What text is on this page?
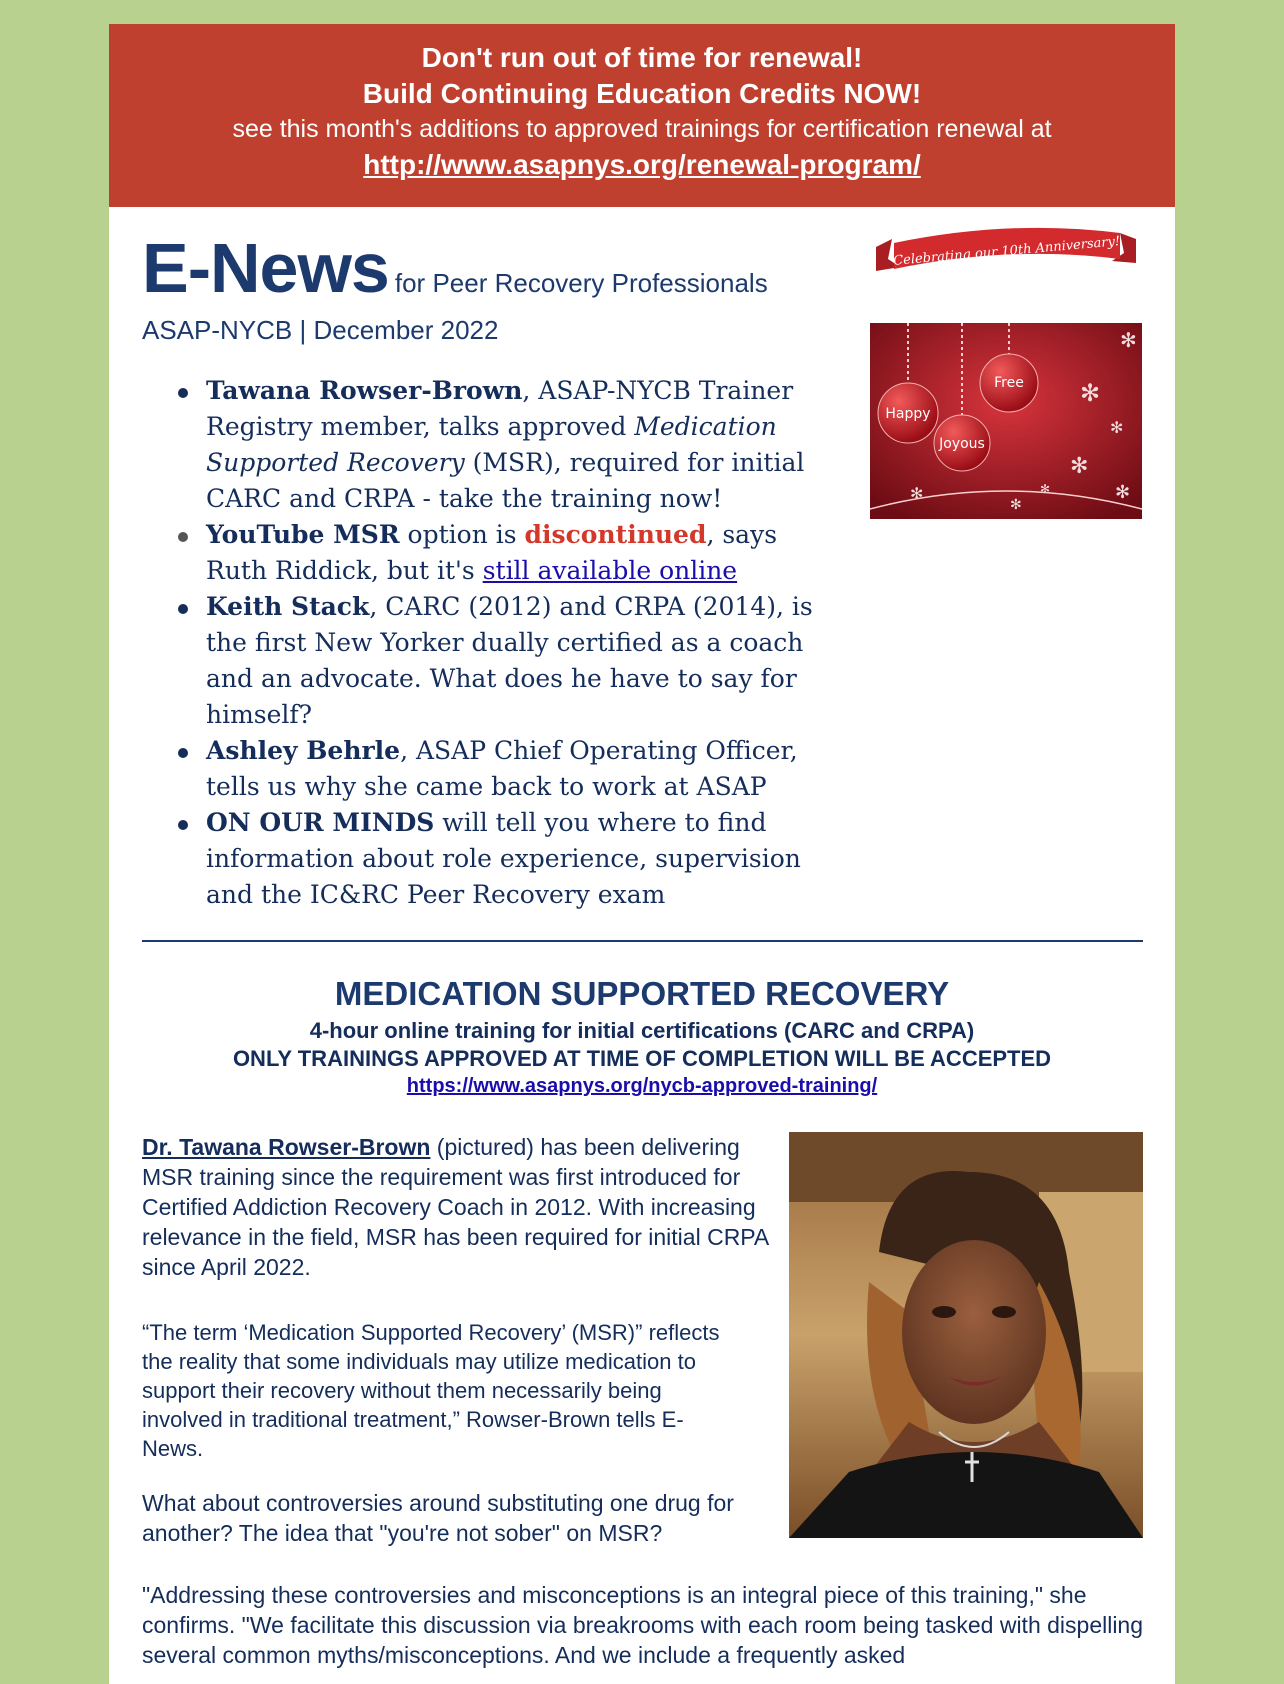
Don't run out of time for renewal!
Build Continuing Education Credits NOW!
see this month's additions to approved trainings for certification renewal at
http://www.asapnys.org/renewal-program/
E-News for Peer Recovery Professionals
ASAP-NYCB | December 2022
Celebrating our 10th Anniversary!
Happy
Free
Joyous
✻
✻
✻
✻
✻
✻
✻
✻
Tawana Rowser-Brown, ASAP-NYCB Trainer Registry member, talks approved Medication Supported Recovery (MSR), required for initial CARC and CRPA - take the training now!
YouTube MSR option is discontinued, says Ruth Riddick, but it's still available online
Keith Stack, CARC (2012) and CRPA (2014), is the first New Yorker dually certified as a coach and an advocate. What does he have to say for himself?
Ashley Behrle, ASAP Chief Operating Officer, tells us why she came back to work at ASAP
ON OUR MINDS will tell you where to find information about role experience, supervision and the IC&RC Peer Recovery exam
MEDICATION SUPPORTED RECOVERY
4-hour online training for initial certifications (CARC and CRPA)
ONLY TRAININGS APPROVED AT TIME OF COMPLETION WILL BE ACCEPTED
https://www.asapnys.org/nycb-approved-training/
Dr. Tawana Rowser-Brown (pictured) has been delivering MSR training since the requirement was first introduced for Certified Addiction Recovery Coach in 2012. With increasing relevance in the field, MSR has been required for initial CRPA since April 2022.
“The term ‘Medication Supported Recovery’ (MSR)” reflects the reality that some individuals may utilize medication to support their recovery without them necessarily being involved in traditional treatment,” Rowser-Brown tells E-News.
What about controversies around substituting one drug for another? The idea that "you're not sober" on MSR?
"Addressing these controversies and misconceptions is an integral piece of this training," she confirms. "We facilitate this discussion via breakrooms with each room being tasked with dispelling several common myths/misconceptions. And we include a frequently asked
